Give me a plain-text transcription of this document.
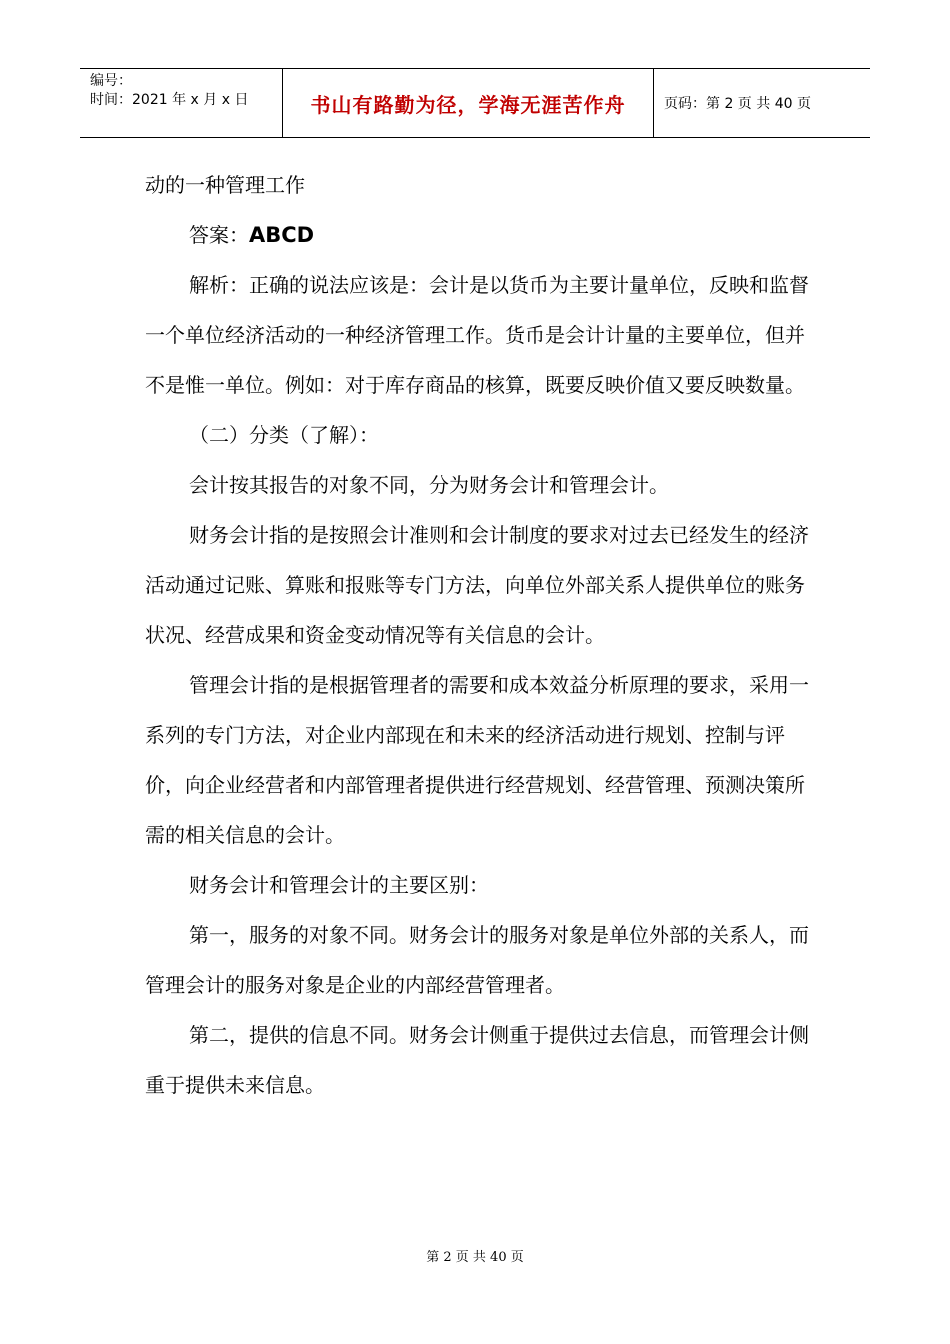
编号：
时间：2021 年 x 月 x 日	书山有路勤为径，学海无涯苦作舟	页码：第 2 页 共 40 页

动的一种管理工作

答案：ABCD

解析：正确的说法应该是：会计是以货币为主要计量单位，反映和监督一个单位经济活动的一种经济管理工作。货币是会计计量的主要单位，但并不是惟一单位。例如：对于库存商品的核算，既要反映价值又要反映数量。

（二）分类（了解）：

会计按其报告的对象不同，分为财务会计和管理会计。

财务会计指的是按照会计准则和会计制度的要求对过去已经发生的经济活动通过记账、算账和报账等专门方法，向单位外部关系人提供单位的账务状况、经营成果和资金变动情况等有关信息的会计。

管理会计指的是根据管理者的需要和成本效益分析原理的要求，采用一系列的专门方法，对企业内部现在和未来的经济活动进行规划、控制与评价，向企业经营者和内部管理者提供进行经营规划、经营管理、预测决策所需的相关信息的会计。

财务会计和管理会计的主要区别：

第一，服务的对象不同。财务会计的服务对象是单位外部的关系人，而管理会计的服务对象是企业的内部经营管理者。

第二，提供的信息不同。财务会计侧重于提供过去信息，而管理会计侧重于提供未来信息。

第 2 页 共 40 页
